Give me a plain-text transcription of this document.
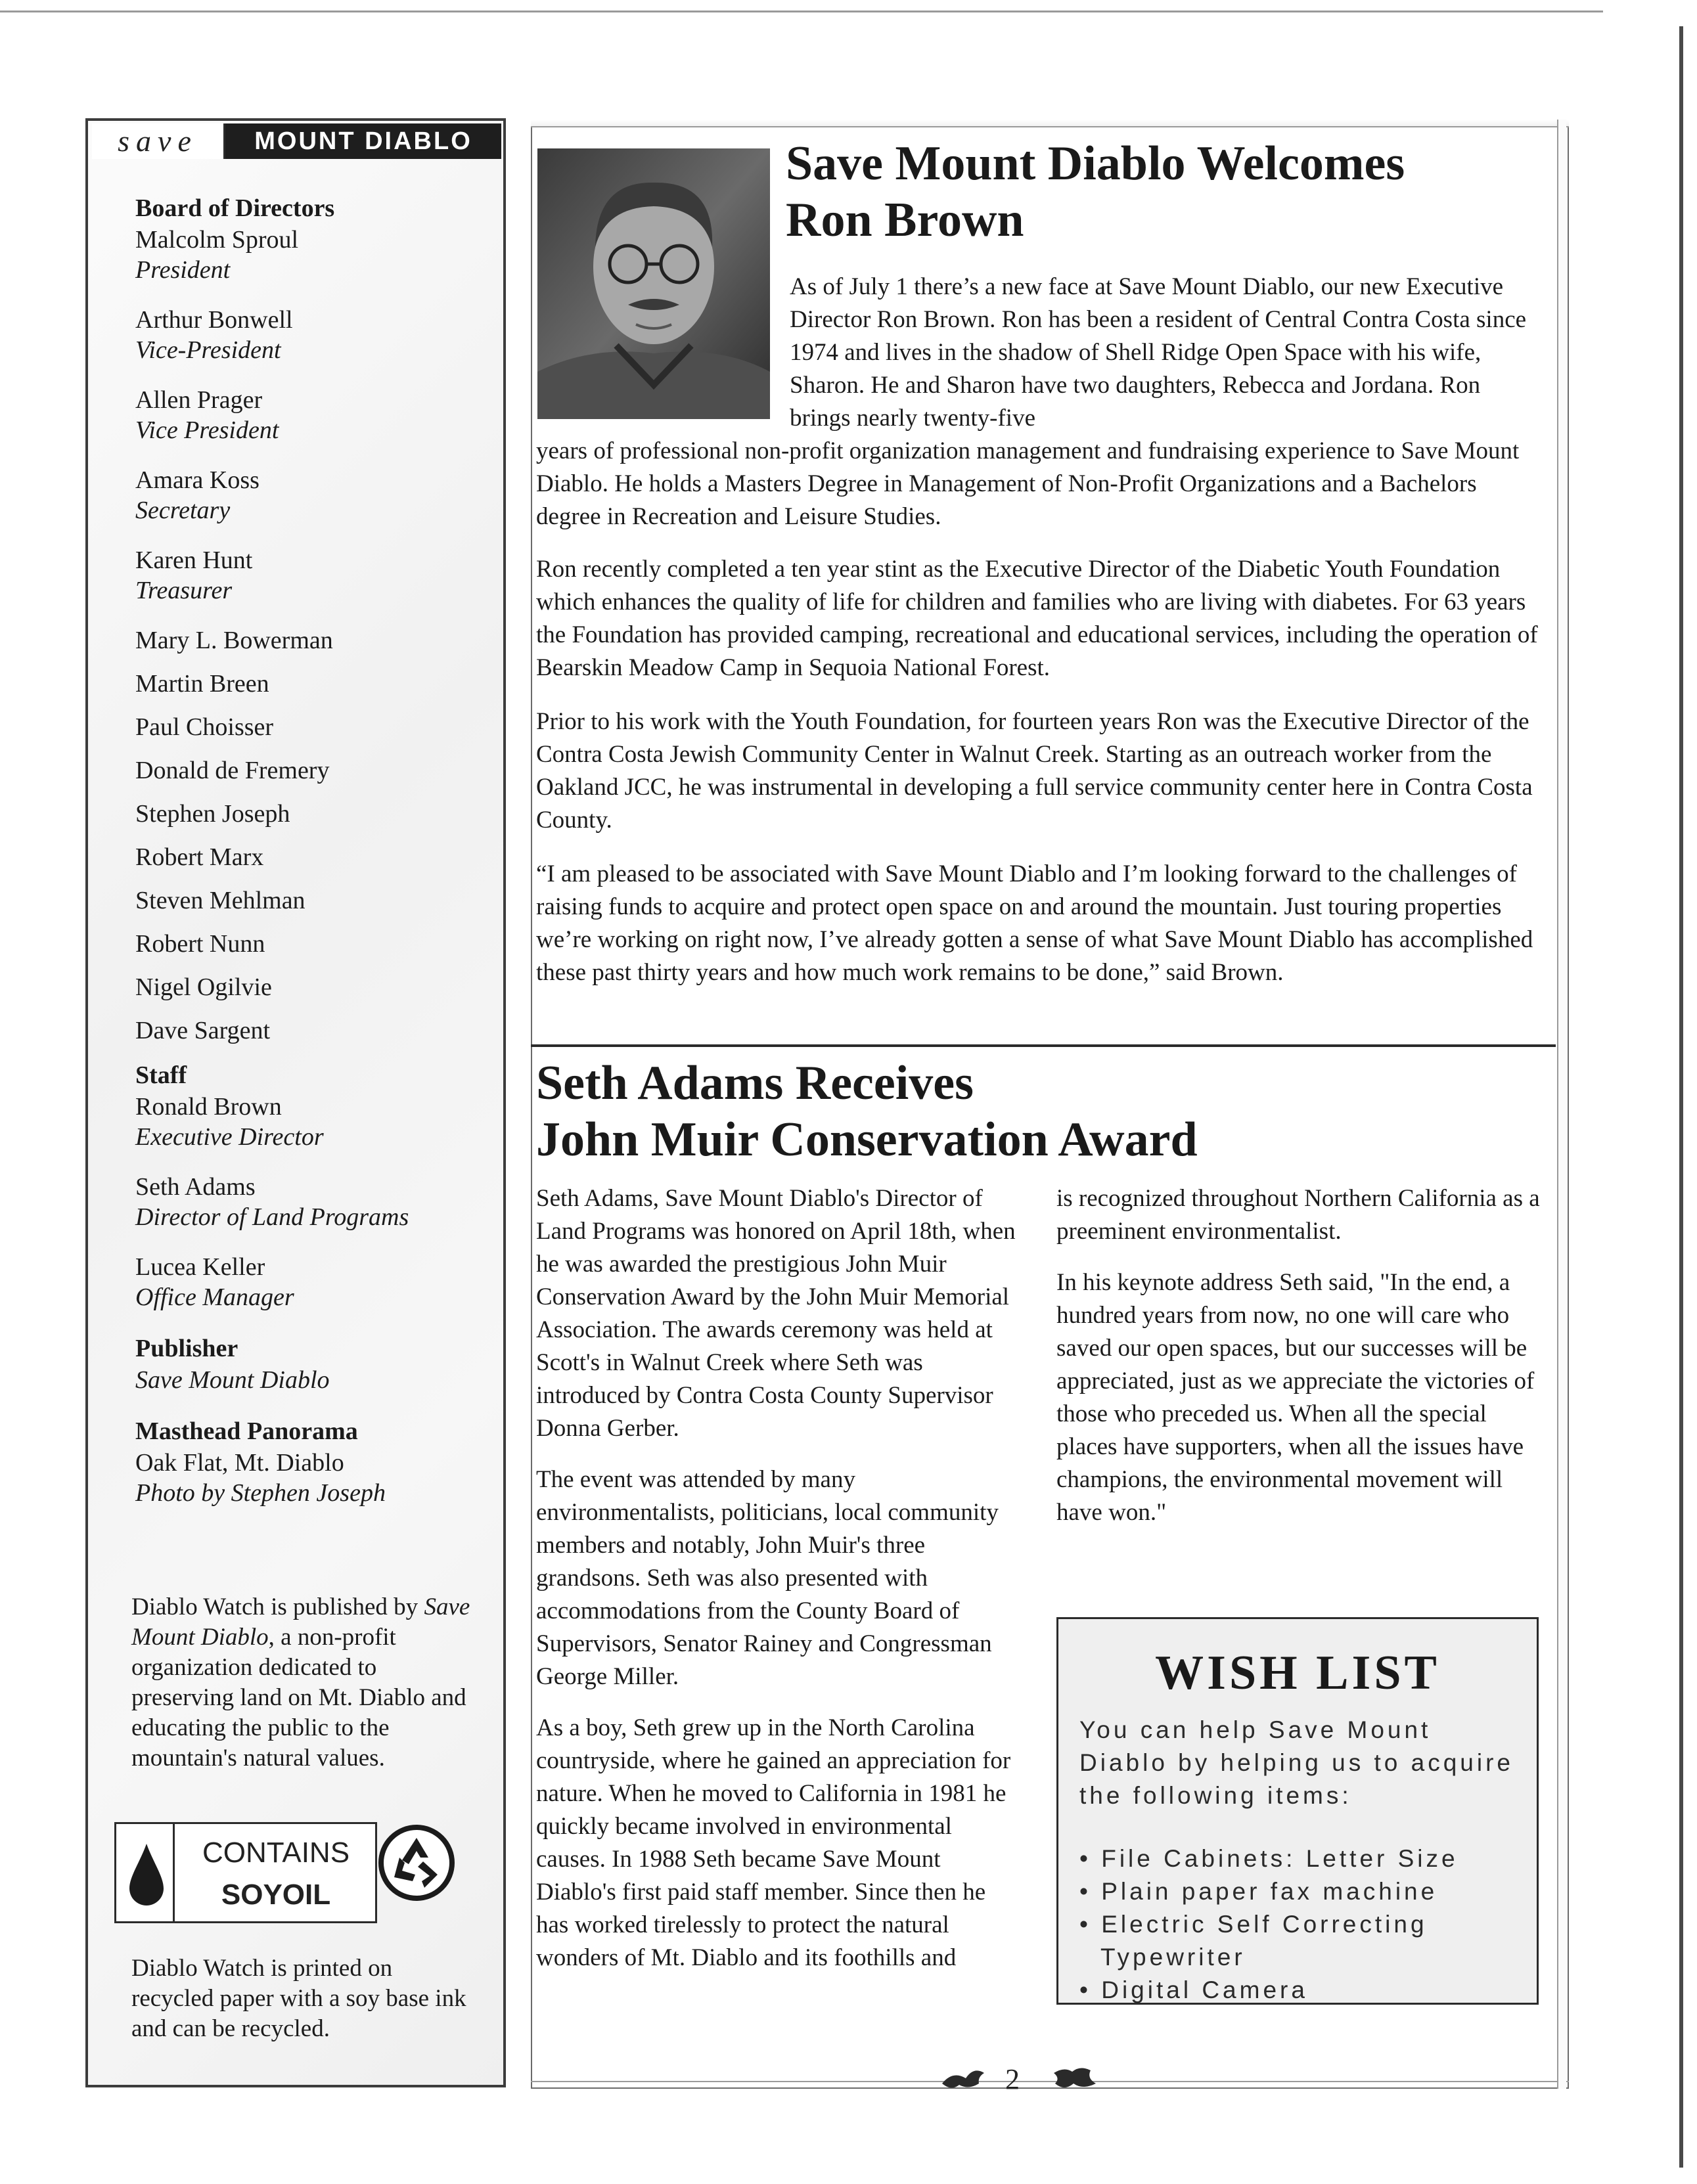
save	MOUNT DIABLO
Board of Directors
Malcolm Sproul
President
Arthur Bonwell
Vice-President
Allen Prager
Vice President
Amara Koss
Secretary
Karen Hunt
Treasurer
Mary L. Bowerman
Martin Breen
Paul Choisser
Donald de Fremery
Stephen Joseph
Robert Marx
Steven Mehlman
Robert Nunn
Nigel Ogilvie
Dave Sargent
Staff
Ronald Brown
Executive Director
Seth Adams
Director of Land Programs
Lucea Keller
Office Manager
Publisher
Save Mount Diablo
Masthead Panorama
Oak Flat, Mt. Diablo
Photo by Stephen Joseph
Diablo Watch is published by Save Mount Diablo, a non-profit organization dedicated to preserving land on Mt. Diablo and educating the public to the mountain's natural values.
CONTAINS
SOYOIL
Diablo Watch is printed on recycled paper with a soy base ink and can be recycled.
Save Mount Diablo Welcomes
Ron Brown
As of July 1 there’s a new face at Save Mount Diablo, our new Executive Director Ron Brown. Ron has been a resident of Central Contra Costa since 1974 and lives in the shadow of Shell Ridge Open Space with his wife, Sharon. He and Sharon have two daughters, Rebecca and Jordana. Ron brings nearly twenty-five
years of professional non-profit organization management and fundraising experience to Save Mount Diablo. He holds a Masters Degree in Management of Non-Profit Organizations and a Bachelors degree in Recreation and Leisure Studies.
Ron recently completed a ten year stint as the Executive Director of the Diabetic Youth Foundation which enhances the quality of life for children and families who are living with diabetes. For 63 years the Foundation has provided camping, recreational and educational services, including the operation of Bearskin Meadow Camp in Sequoia National Forest.
Prior to his work with the Youth Foundation, for fourteen years Ron was the Executive Director of the Contra Costa Jewish Community Center in Walnut Creek. Starting as an outreach worker from the Oakland JCC, he was instrumental in developing a full service community center here in Contra Costa County.
“I am pleased to be associated with Save Mount Diablo and I’m looking forward to the challenges of raising funds to acquire and protect open space on and around the mountain. Just touring properties we’re working on right now, I’ve already gotten a sense of what Save Mount Diablo has accomplished these past thirty years and how much work remains to be done,” said Brown.
Seth Adams Receives
John Muir Conservation Award

Seth Adams, Save Mount Diablo's Director of Land Programs was honored on April 18th, when he was awarded the prestigious John Muir Conservation Award by the John Muir Memorial Association. The awards ceremony was held at Scott's in Walnut Creek where Seth was introduced by Contra Costa County Supervisor Donna Gerber.

The event was attended by many environmentalists, politicians, local community members and notably, John Muir's three grandsons. Seth was also presented with accommodations from the County Board of Supervisors, Senator Rainey and Congressman George Miller.

As a boy, Seth grew up in the North Carolina countryside, where he gained an appreciation for nature. When he moved to California in 1981 he quickly became involved in environmental causes. In 1988 Seth became Save Mount Diablo's first paid staff member. Since then he has worked tirelessly to protect the natural wonders of Mt. Diablo and its foothills and

is recognized throughout Northern California as a preeminent environmentalist.

In his keynote address Seth said, "In the end, a hundred years from now, no one will care who saved our open spaces, but our successes will be appreciated, just as we appreciate the victories of those who preceded us. When all the special places have supporters, when all the issues have champions, the environmental movement will have won."

WISH LIST
You can help Save Mount Diablo by helping us to acquire the following items:
• File Cabinets: Letter Size
• Plain paper fax machine
• Electric Self Correcting Typewriter
• Digital Camera
2
